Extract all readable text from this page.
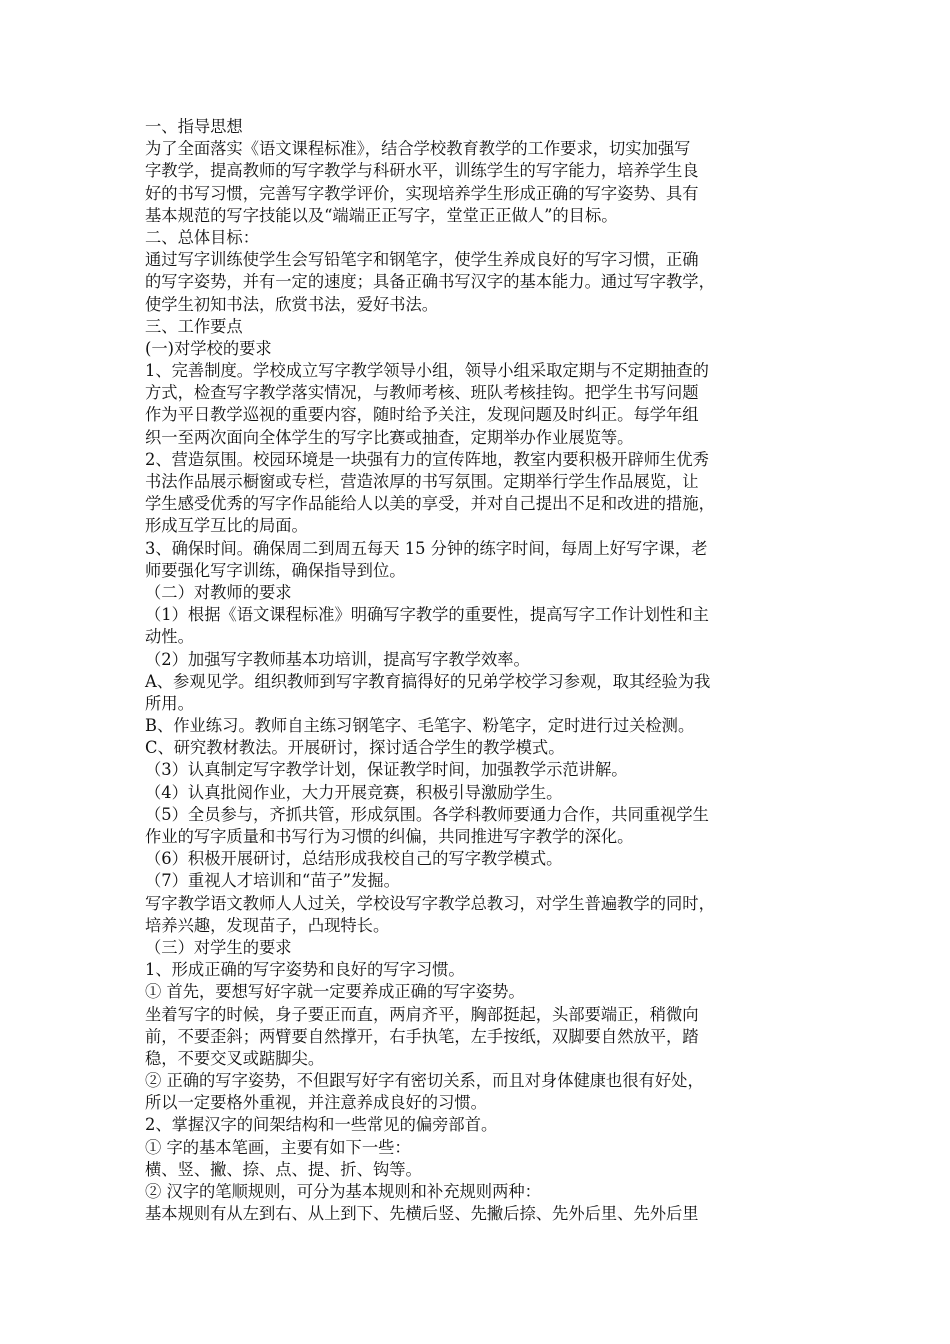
一、指导思想
为了全面落实《语文课程标准》，结合学校教育教学的工作要求，切实加强写
字教学，提高教师的写字教学与科研水平，训练学生的写字能力，培养学生良
好的书写习惯，完善写字教学评价，实现培养学生形成正确的写字姿势、具有
基本规范的写字技能以及“端端正正写字，堂堂正正做人”的目标。
二、总体目标：
通过写字训练使学生会写铅笔字和钢笔字，使学生养成良好的写字习惯，正确
的写字姿势，并有一定的速度；具备正确书写汉字的基本能力。通过写字教学，
使学生初知书法，欣赏书法，爱好书法。
三、工作要点
(一)对学校的要求
1、完善制度。学校成立写字教学领导小组，领导小组采取定期与不定期抽查的
方式，检查写字教学落实情况，与教师考核、班队考核挂钩。把学生书写问题
作为平日教学巡视的重要内容，随时给予关注，发现问题及时纠正。每学年组
织一至两次面向全体学生的写字比赛或抽查，定期举办作业展览等。
2、营造氛围。校园环境是一块强有力的宣传阵地，教室内要积极开辟师生优秀
书法作品展示橱窗或专栏，营造浓厚的书写氛围。定期举行学生作品展览，让
学生感受优秀的写字作品能给人以美的享受，并对自己提出不足和改进的措施，
形成互学互比的局面。
3、确保时间。确保周二到周五每天 15 分钟的练字时间，每周上好写字课，老
师要强化写字训练，确保指导到位。
（二）对教师的要求
（1）根据《语文课程标准》明确写字教学的重要性，提高写字工作计划性和主
动性。
（2）加强写字教师基本功培训，提高写字教学效率。
A、参观见学。组织教师到写字教育搞得好的兄弟学校学习参观，取其经验为我
所用。
B、作业练习。教师自主练习钢笔字、毛笔字、粉笔字，定时进行过关检测。
C、研究教材教法。开展研讨，探讨适合学生的教学模式。
（3）认真制定写字教学计划，保证教学时间，加强教学示范讲解。
（4）认真批阅作业，大力开展竞赛，积极引导激励学生。
（5）全员参与，齐抓共管，形成氛围。各学科教师要通力合作，共同重视学生
作业的写字质量和书写行为习惯的纠偏，共同推进写字教学的深化。
（6）积极开展研讨，总结形成我校自己的写字教学模式。
（7）重视人才培训和“苗子”发掘。
写字教学语文教师人人过关，学校设写字教学总教习，对学生普遍教学的同时，
培养兴趣，发现苗子，凸现特长。
（三）对学生的要求
1、形成正确的写字姿势和良好的写字习惯。
① 首先，要想写好字就一定要养成正确的写字姿势。
坐着写字的时候，身子要正而直，两肩齐平，胸部挺起，头部要端正，稍微向
前，不要歪斜；两臂要自然撑开，右手执笔，左手按纸，双脚要自然放平，踏
稳，不要交叉或踮脚尖。
② 正确的写字姿势，不但跟写好字有密切关系，而且对身体健康也很有好处，
所以一定要格外重视，并注意养成良好的习惯。
2、掌握汉字的间架结构和一些常见的偏旁部首。
① 字的基本笔画，主要有如下一些：
横、竖、撇、捺、点、提、折、钩等。
② 汉字的笔顺规则，可分为基本规则和补充规则两种：
基本规则有从左到右、从上到下、先横后竖、先撇后捺、先外后里、先外后里
